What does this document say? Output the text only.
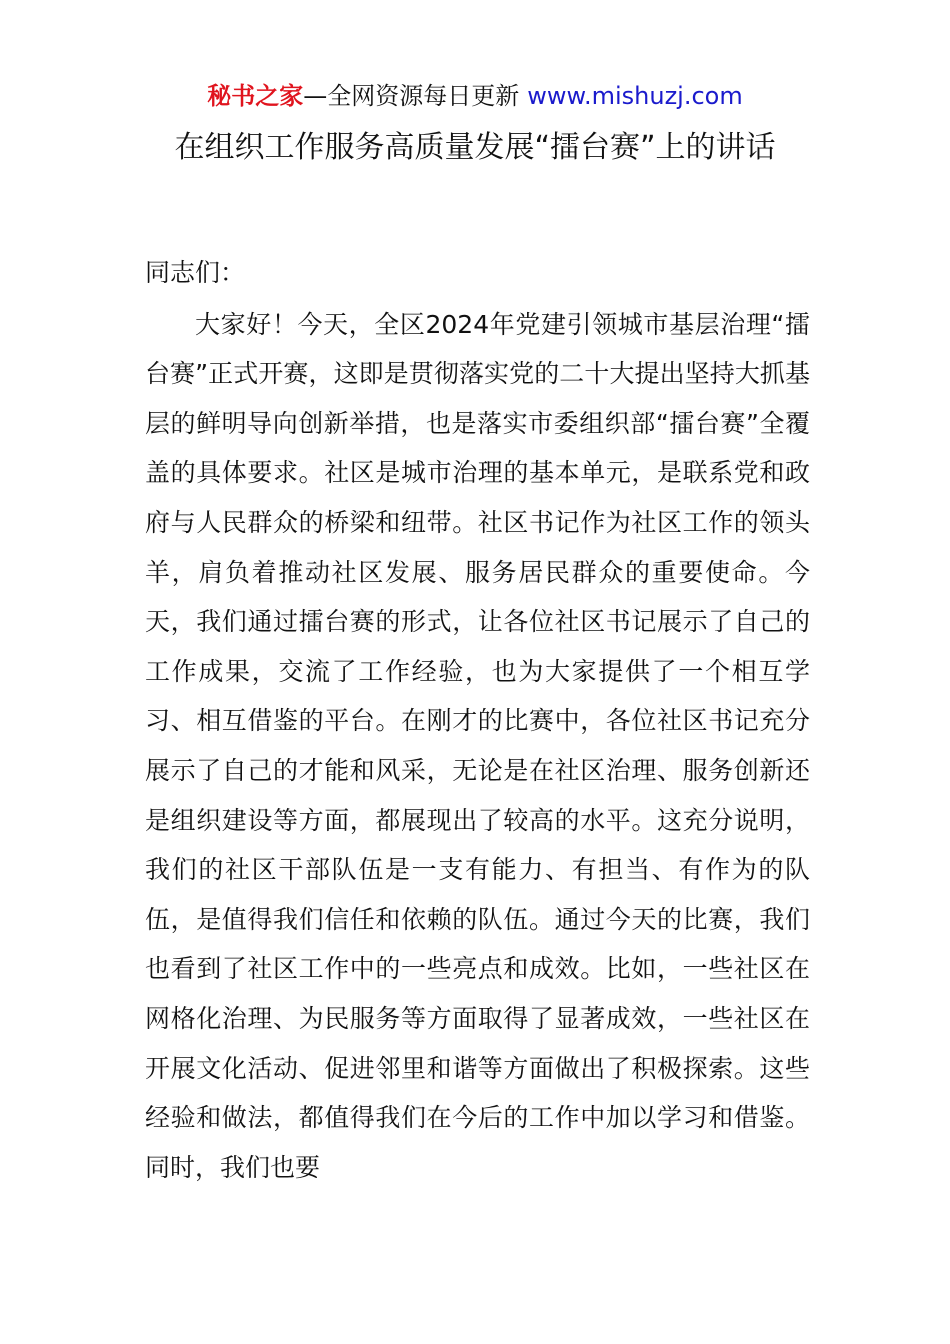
秘书之家—全网资源每日更新 www.mishuzj.com
在组织工作服务高质量发展“擂台赛”上的讲话

同志们：

大家好！今天，全区2024年党建引领城市基层治理“擂台赛”正式开赛，这即是贯彻落实党的二十大提出坚持大抓基层的鲜明导向创新举措，也是落实市委组织部“擂台赛”全覆盖的具体要求。社区是城市治理的基本单元，是联系党和政府与人民群众的桥梁和纽带。社区书记作为社区工作的领头羊，肩负着推动社区发展、服务居民群众的重要使命。今天，我们通过擂台赛的形式，让各位社区书记展示了自己的工作成果，交流了工作经验，也为大家提供了一个相互学习、相互借鉴的平台。在刚才的比赛中，各位社区书记充分展示了自己的才能和风采，无论是在社区治理、服务创新还是组织建设等方面，都展现出了较高的水平。这充分说明，我们的社区干部队伍是一支有能力、有担当、有作为的队伍，是值得我们信任和依赖的队伍。通过今天的比赛，我们也看到了社区工作中的一些亮点和成效。比如，一些社区在网格化治理、为民服务等方面取得了显著成效，一些社区在开展文化活动、促进邻里和谐等方面做出了积极探索。这些经验和做法，都值得我们在今后的工作中加以学习和借鉴。同时，我们也要
